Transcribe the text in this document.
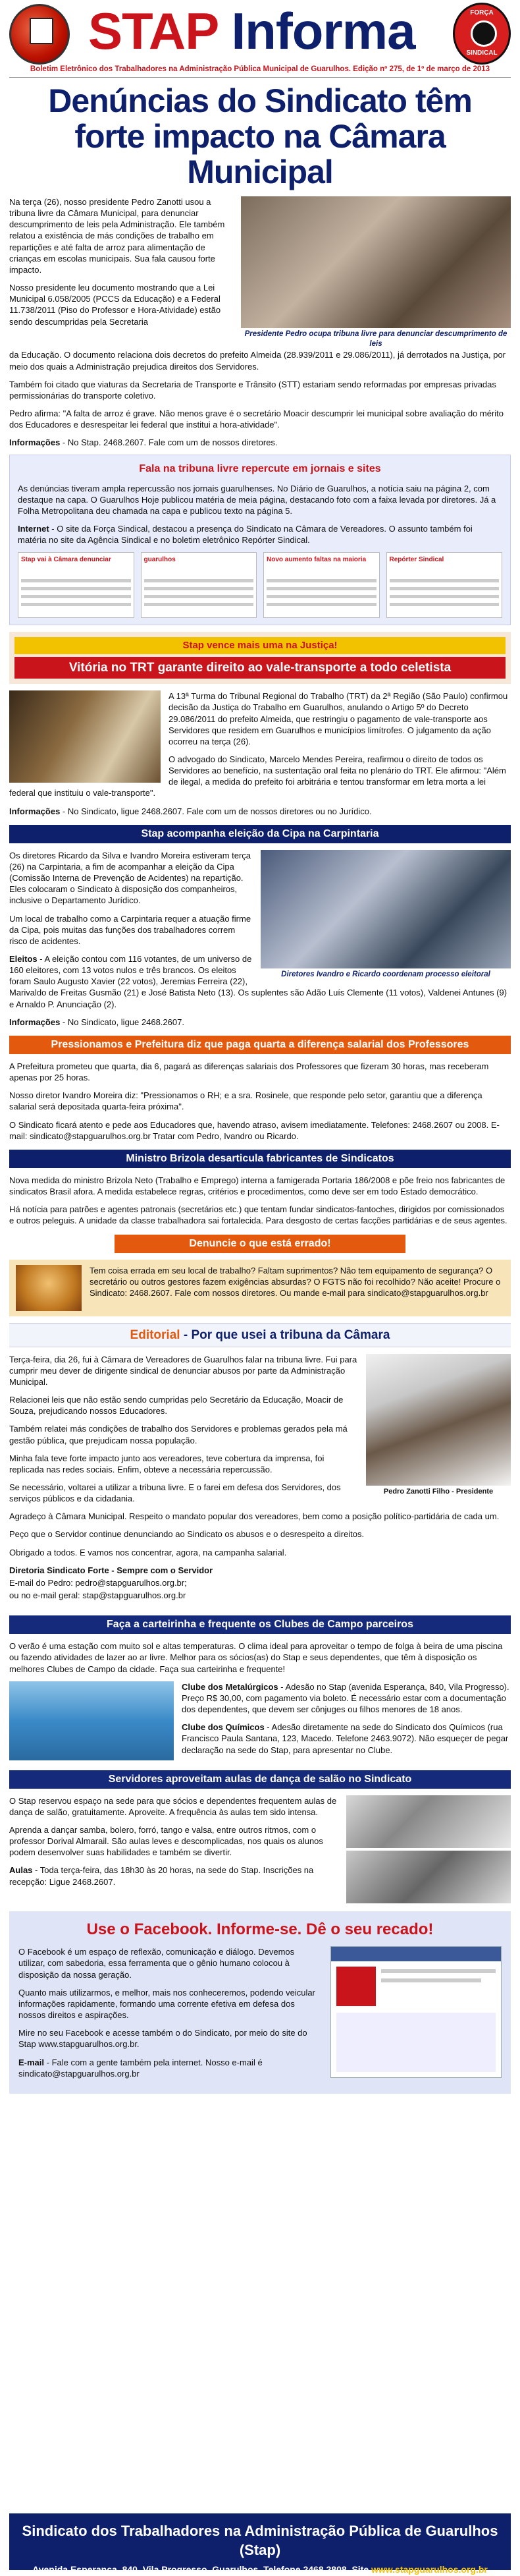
STAP Informa	FORÇA
SINDICAL
Boletim Eletrônico dos Trabalhadores na Administração Pública Municipal de Guarulhos. Edição nº 275, de 1º de março de 2013
Denúncias do Sindicato têm forte impacto na Câmara Municipal
Presidente Pedro ocupa tribuna livre para denunciar descumprimento de leis

Na terça (26), nosso presidente Pedro Zanotti usou a tribuna livre da Câmara Municipal, para denunciar descumprimento de leis pela Administração. Ele também relatou a existência de más condições de trabalho em repartições e até falta de arroz para alimentação de crianças em escolas municipais. Sua fala causou forte impacto.

Nosso presidente leu documento mostrando que a Lei Municipal 6.058/2005 (PCCS da Educação) e a Federal 11.738/2011 (Piso do Professor e Hora-Atividade) estão sendo descumpridas pela Secretaria

da Educação. O documento relaciona dois decretos do prefeito Almeida (28.939/2011 e 29.086/2011), já derrotados na Justiça, por meio dos quais a Administração prejudica direitos dos Servidores.

Também foi citado que viaturas da Secretaria de Transporte e Trânsito (STT) estariam sendo reformadas por empresas privadas permissionárias do transporte coletivo.

Pedro afirma: "A falta de arroz é grave. Não menos grave é o secretário Moacir descumprir lei municipal sobre avaliação do mérito dos Educadores e desrespeitar lei federal que institui a hora-atividade".

Informações - No Stap. 2468.2607. Fale com um de nossos diretores.

Fala na tribuna livre repercute em jornais e sites

As denúncias tiveram ampla repercussão nos jornais guarulhenses. No Diário de Guarulhos, a notícia saiu na página 2, com destaque na capa. O Guarulhos Hoje publicou matéria de meia página, destacando foto com a faixa levada por diretores. Já a Folha Metropolitana deu chamada na capa e publicou texto na página 5.

Internet - O site da Força Sindical, destacou a presença do Sindicato na Câmara de Vereadores. O assunto também foi matéria no site da Agência Sindical e no boletim eletrônico Repórter Sindical.

Stap vai à Câmara denunciar	guarulhos	Novo aumento faltas na maioria	Repórter Sindical
Stap vence mais uma na Justiça!
Vitória no TRT garante direito ao vale-transporte a todo celetista

A 13ª Turma do Tribunal Regional do Trabalho (TRT) da 2ª Região (São Paulo) confirmou decisão da Justiça do Trabalho em Guarulhos, anulando o Artigo 5º do Decreto 29.086/2011 do prefeito Almeida, que restringiu o pagamento de vale-transporte aos Servidores que residem em Guarulhos e municípios limítrofes. O julgamento da ação ocorreu na terça (26).

O advogado do Sindicato, Marcelo Mendes Pereira, reafirmou o direito de todos os Servidores ao benefício, na sustentação oral feita no plenário do TRT. Ele afirmou: "Além de ilegal, a medida do prefeito foi arbitrária e tentou transformar em letra morta a lei federal que instituiu o vale-transporte".

Informações - No Sindicato, ligue 2468.2607. Fale com um de nossos diretores ou no Jurídico.

Stap acompanha eleição da Cipa na Carpintaria
Diretores Ivandro e Ricardo coordenam processo eleitoral

Os diretores Ricardo da Silva e Ivandro Moreira estiveram terça (26) na Carpintaria, a fim de acompanhar a eleição da Cipa (Comissão Interna de Prevenção de Acidentes) na repartição. Eles colocaram o Sindicato à disposição dos companheiros, inclusive o Departamento Jurídico.

Um local de trabalho como a Carpintaria requer a atuação firme da Cipa, pois muitas das funções dos trabalhadores correm risco de acidentes.

Eleitos - A eleição contou com 116 votantes, de um universo de 160 eleitores, com 13 votos nulos e três brancos. Os eleitos foram Saulo Augusto Xavier (22 votos), Jeremias Ferreira (22), Marivaldo de Freitas Gusmão (21) e José Batista Neto (13). Os suplentes são Adão Luís Clemente (11 votos), Valdenei Antunes (9) e Arnaldo P. Anunciação (2).

Informações - No Sindicato, ligue 2468.2607.

Pressionamos e Prefeitura diz que paga quarta a diferença salarial dos Professores

A Prefeitura prometeu que quarta, dia 6, pagará as diferenças salariais dos Professores que fizeram 30 horas, mas receberam apenas por 25 horas.

Nosso diretor Ivandro Moreira diz: "Pressionamos o RH; e a sra. Rosinele, que responde pelo setor, garantiu que a diferença salarial será depositada quarta-feira próxima".

O Sindicato ficará atento e pede aos Educadores que, havendo atraso, avisem imediatamente. Telefones: 2468.2607 ou 2008. E-mail: sindicato@stapguarulhos.org.br Tratar com Pedro, Ivandro ou Ricardo.

Ministro Brizola desarticula fabricantes de Sindicatos

Nova medida do ministro Brizola Neto (Trabalho e Emprego) interna a famigerada Portaria 186/2008 e põe freio nos fabricantes de sindicatos Brasil afora. A medida estabelece regras, critérios e procedimentos, como deve ser em todo Estado democrático.

Há notícia para patrões e agentes patronais (secretários etc.) que tentam fundar sindicatos-fantoches, dirigidos por comissionados e outros peleguis. A unidade da classe trabalhadora sai fortalecida. Para desgosto de certas facções partidárias e de seus agentes.

Denuncie o que está errado!

Tem coisa errada em seu local de trabalho? Faltam suprimentos? Não tem equipamento de segurança? O secretário ou outros gestores fazem exigências absurdas? O FGTS não foi recolhido? Não aceite! Procure o Sindicato: 2468.2607. Fale com nossos diretores. Ou mande e-mail para sindicato@stapguarulhos.org.br

Editorial - Por que usei a tribuna da Câmara
Pedro Zanotti Filho - Presidente

Terça-feira, dia 26, fui à Câmara de Vereadores de Guarulhos falar na tribuna livre. Fui para cumprir meu dever de dirigente sindical de denunciar abusos por parte da Administração Municipal.

Relacionei leis que não estão sendo cumpridas pelo Secretário da Educação, Moacir de Souza, prejudicando nossos Educadores.

Também relatei más condições de trabalho dos Servidores e problemas gerados pela má gestão pública, que prejudicam nossa população.

Minha fala teve forte impacto junto aos vereadores, teve cobertura da imprensa, foi replicada nas redes sociais. Enfim, obteve a necessária repercussão.

Se necessário, voltarei a utilizar a tribuna livre. E o farei em defesa dos Servidores, dos serviços públicos e da cidadania.

Agradeço à Câmara Municipal. Respeito o mandato popular dos vereadores, bem como a posição político-partidária de cada um.

Peço que o Servidor continue denunciando ao Sindicato os abusos e o desrespeito a direitos.

Obrigado a todos. E vamos nos concentrar, agora, na campanha salarial.

Diretoria Sindicato Forte - Sempre com o Servidor

E-mail do Pedro: pedro@stapguarulhos.org.br;

ou no e-mail geral: stap@stapguarulhos.org.br

Faça a carteirinha e frequente os Clubes de Campo parceiros

O verão é uma estação com muito sol e altas temperaturas. O clima ideal para aproveitar o tempo de folga à beira de uma piscina ou fazendo atividades de lazer ao ar livre. Melhor para os sócios(as) do Stap e seus dependentes, que têm à disposição os melhores Clubes de Campo da cidade. Faça sua carteirinha e frequente!

Clube dos Metalúrgicos - Adesão no Stap (avenida Esperança, 840, Vila Progresso). Preço R$ 30,00, com pagamento via boleto. É necessário estar com a documentação dos dependentes, que devem ser cônjuges ou filhos menores de 18 anos.

Clube dos Químicos - Adesão diretamente na sede do Sindicato dos Químicos (rua Francisco Paula Santana, 123, Macedo. Telefone 2463.9072). Não esqueçer de pegar declaração na sede do Stap, para apresentar no Clube.

Servidores aproveitam aulas de dança de salão no Sindicato

O Stap reservou espaço na sede para que sócios e dependentes frequentem aulas de dança de salão, gratuitamente. Aproveite. A frequência às aulas tem sido intensa.

Aprenda a dançar samba, bolero, forró, tango e valsa, entre outros ritmos, com o professor Dorival Almarail. São aulas leves e descomplicadas, nos quais os alunos podem desenvolver suas habilidades e também se divertir.

Aulas - Toda terça-feira, das 18h30 às 20 horas, na sede do Stap. Inscrições na recepção: Ligue 2468.2607.

Use o Facebook. Informe-se. Dê o seu recado!

O Facebook é um espaço de reflexão, comunicação e diálogo. Devemos utilizar, com sabedoria, essa ferramenta que o gênio humano colocou à disposição da nossa geração.

Quanto mais utilizarmos, e melhor, mais nos conheceremos, podendo veicular informações rapidamente, formando uma corrente efetiva em defesa dos nossos direitos e aspirações.

Mire no seu Facebook e acesse também o do Sindicato, por meio do site do Stap www.stapguarulhos.org.br.

E-mail - Fale com a gente também pela internet. Nosso e-mail é sindicato@stapguarulhos.org.br

Sindicato dos Trabalhadores na Administração Pública de Guarulhos (Stap)
Avenida Esperança, 840, Vila Progresso, Guarulhos. Telefone 2468.2808. Site www.stapguarulhos.org.br
